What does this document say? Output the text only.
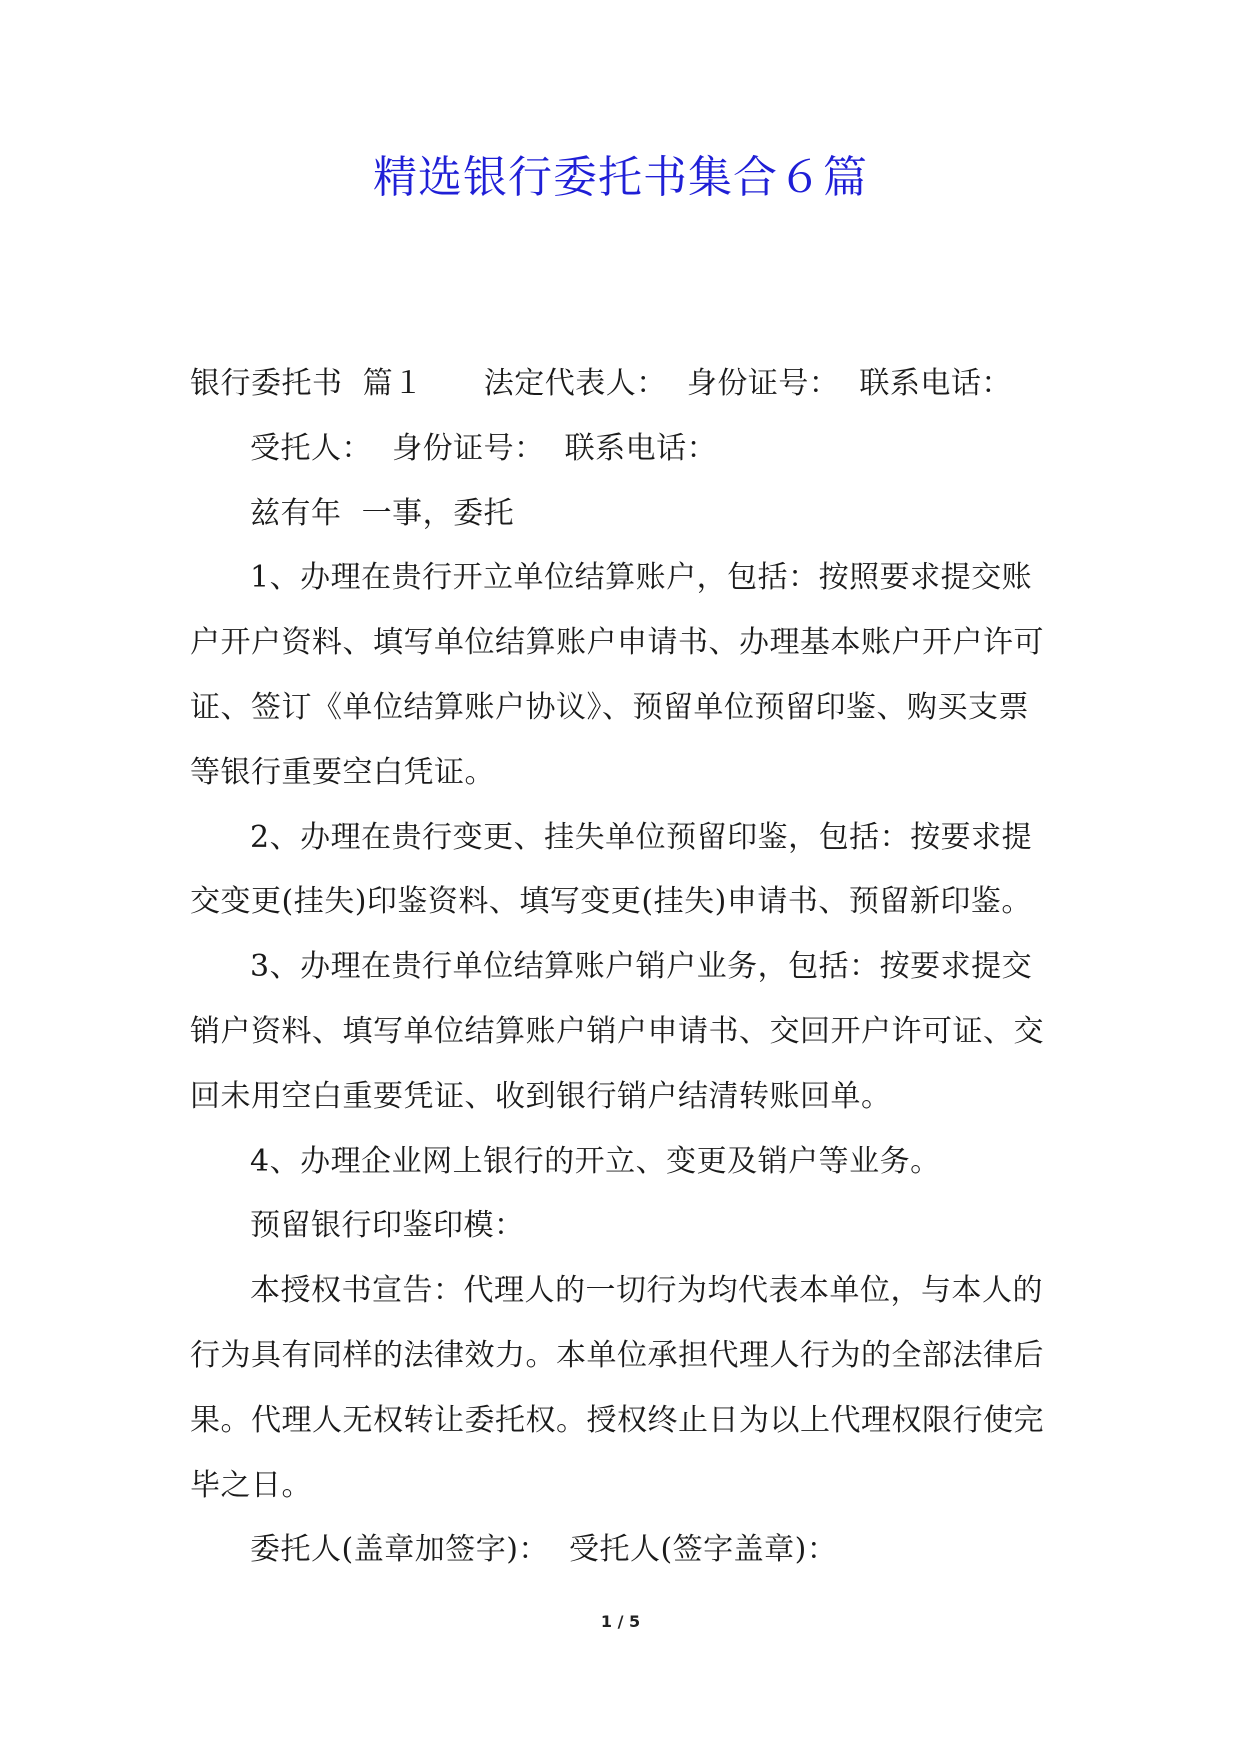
精选银行委托书集合６篇

银行委托书  篇１      法定代表人：  身份证号：  联系电话：

受托人：  身份证号：  联系电话：

兹有年  一事，委托

1、办理在贵行开立单位结算账户，包括：按照要求提交账户开户资料、填写单位结算账户申请书、办理基本账户开户许可证、签订《单位结算账户协议》、预留单位预留印鉴、购买支票等银行重要空白凭证。

2、办理在贵行变更、挂失单位预留印鉴，包括：按要求提交变更(挂失)印鉴资料、填写变更(挂失)申请书、预留新印鉴。

3、办理在贵行单位结算账户销户业务，包括：按要求提交销户资料、填写单位结算账户销户申请书、交回开户许可证、交回未用空白重要凭证、收到银行销户结清转账回单。

4、办理企业网上银行的开立、变更及销户等业务。

预留银行印鉴印模：

本授权书宣告：代理人的一切行为均代表本单位，与本人的行为具有同样的法律效力。本单位承担代理人行为的全部法律后果。代理人无权转让委托权。授权终止日为以上代理权限行使完毕之日。

委托人(盖章加签字)：  受托人(签字盖章)：

1 / 5
